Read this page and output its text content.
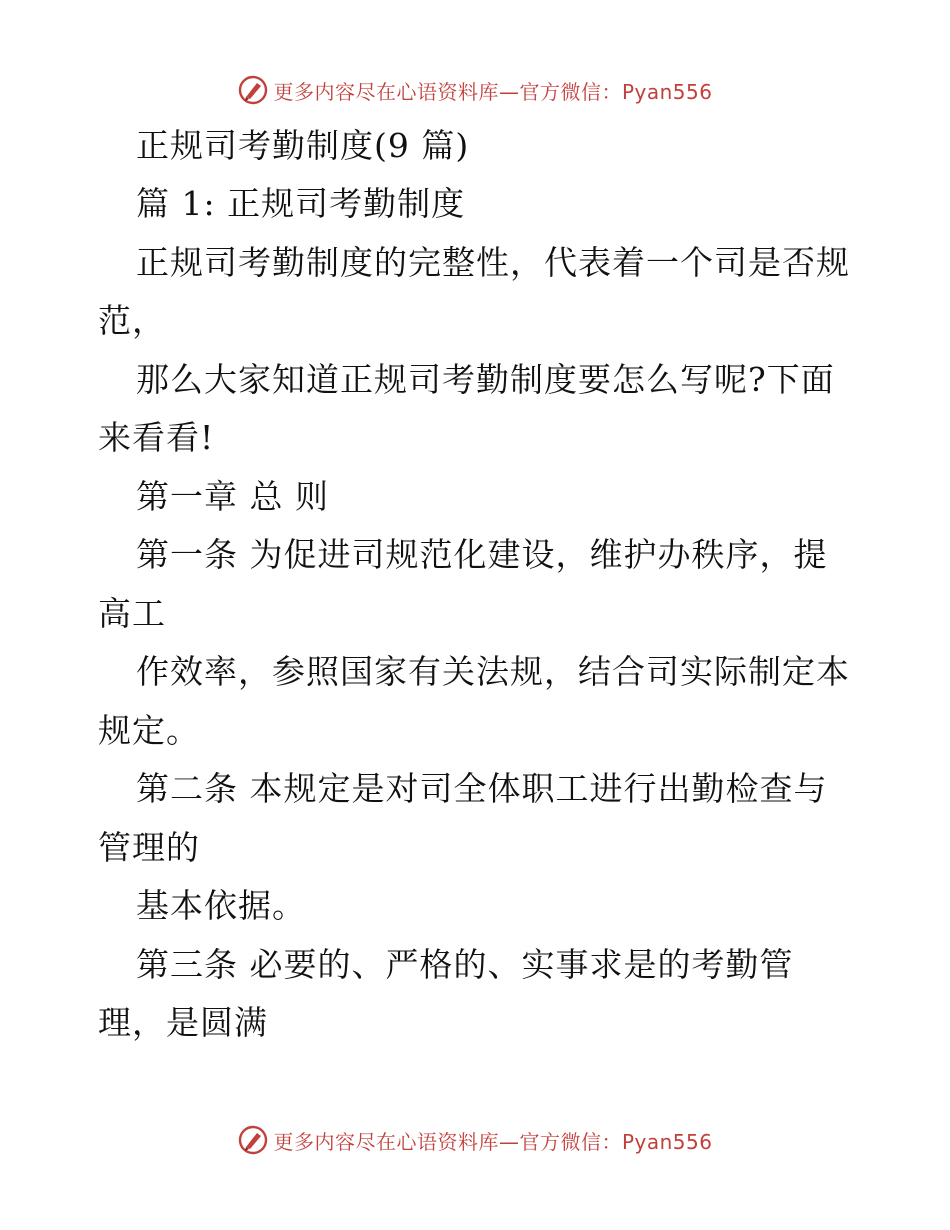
更多内容尽在心语资料库—官方微信：Pyan556
正规司考勤制度(9 篇)
篇 1: 正规司考勤制度
正规司考勤制度的完整性，代表着一个司是否规
范，
那么大家知道正规司考勤制度要怎么写呢?下面
来看看!
第一章 总 则
第一条 为促进司规范化建设，维护办秩序，提
高工
作效率，参照国家有关法规，结合司实际制定本
规定。
第二条 本规定是对司全体职工进行出勤检查与
管理的
基本依据。
第三条 必要的、严格的、实事求是的考勤管
理，是圆满
更多内容尽在心语资料库—官方微信：Pyan556
